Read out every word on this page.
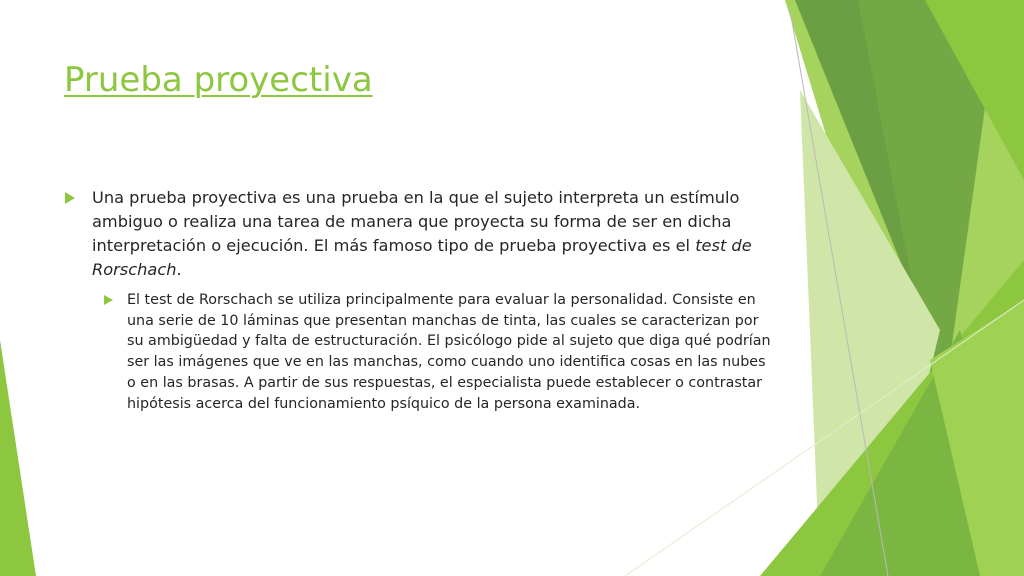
Prueba proyectiva

Una prueba proyectiva es una prueba en la que el sujeto interpreta un estímulo ambiguo o realiza una tarea de manera que proyecta su forma de ser en dicha interpretación o ejecución. El más famoso tipo de prueba proyectiva es el test de Rorschach.

El test de Rorschach se utiliza principalmente para evaluar la personalidad. Consiste en una serie de 10 láminas que presentan manchas de tinta, las cuales se caracterizan por su ambigüedad y falta de estructuración. El psicólogo pide al sujeto que diga qué podrían ser las imágenes que ve en las manchas, como cuando uno identifica cosas en las nubes o en las brasas. A partir de sus respuestas, el especialista puede establecer o contrastar hipótesis acerca del funcionamiento psíquico de la persona examinada.
